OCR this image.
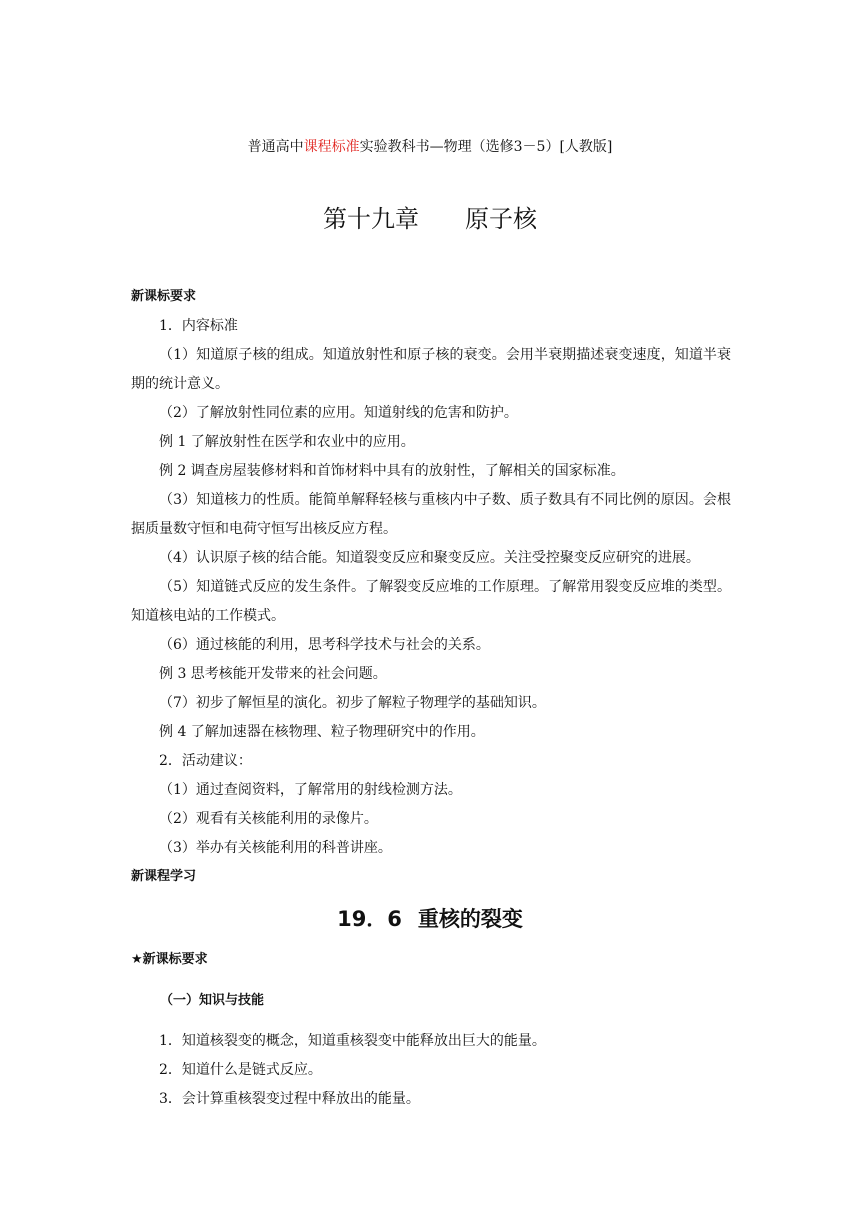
普通高中课程标准实验教科书—物理（选修3－5）[人教版]
第十九章 原子核
新课标要求
1．内容标准
（1）知道原子核的组成。知道放射性和原子核的衰变。会用半衰期描述衰变速度，知道半衰期的统计意义。
（2）了解放射性同位素的应用。知道射线的危害和防护。
例 1 了解放射性在医学和农业中的应用。
例 2 调查房屋装修材料和首饰材料中具有的放射性，了解相关的国家标准。
（3）知道核力的性质。能简单解释轻核与重核内中子数、质子数具有不同比例的原因。会根据质量数守恒和电荷守恒写出核反应方程。
（4）认识原子核的结合能。知道裂变反应和聚变反应。关注受控聚变反应研究的进展。
（5）知道链式反应的发生条件。了解裂变反应堆的工作原理。了解常用裂变反应堆的类型。知道核电站的工作模式。
（6）通过核能的利用，思考科学技术与社会的关系。
例 3 思考核能开发带来的社会问题。
（7）初步了解恒星的演化。初步了解粒子物理学的基础知识。
例 4 了解加速器在核物理、粒子物理研究中的作用。
2．活动建议：
（1）通过查阅资料，了解常用的射线检测方法。
（2）观看有关核能利用的录像片。
（3）举办有关核能利用的科普讲座。
新课程学习
19．6 重核的裂变
★新课标要求
（一）知识与技能
1．知道核裂变的概念，知道重核裂变中能释放出巨大的能量。
2．知道什么是链式反应。
3．会计算重核裂变过程中释放出的能量。
